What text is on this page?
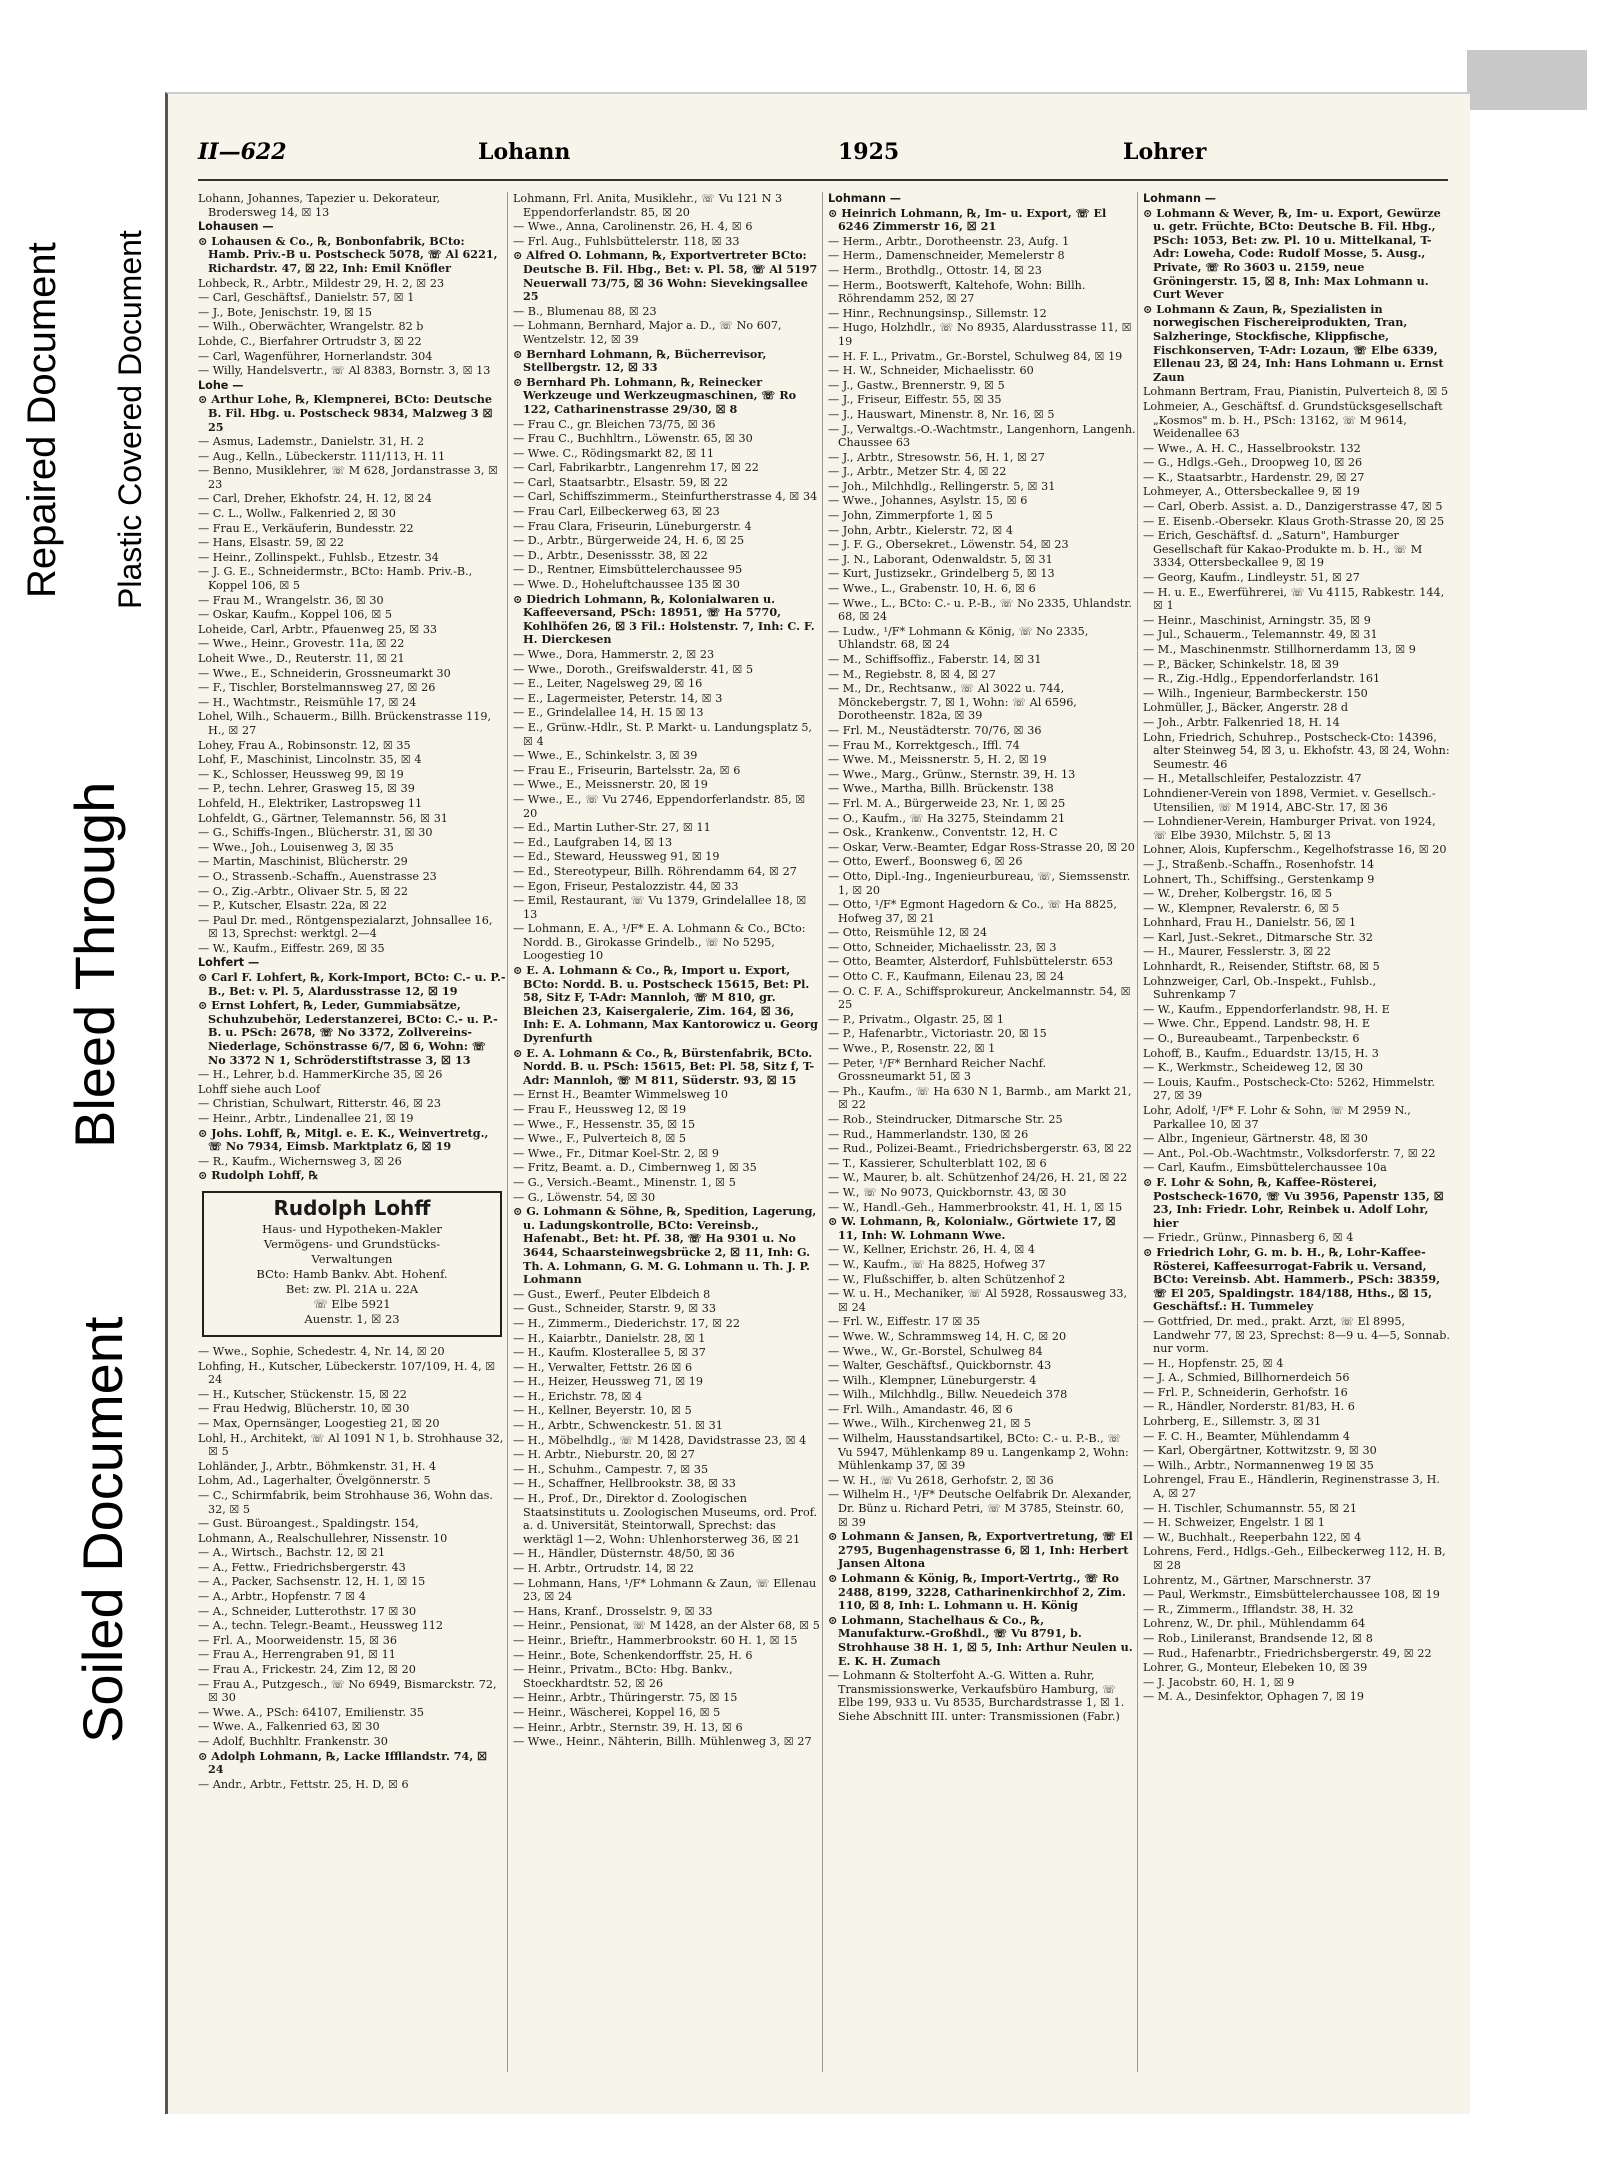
Repaired Document Plastic Covered Document
Bleed Through
Soiled Document
II—622	Lohann	1925	Lohrer
Lohann, Johannes, Tapezier u. Dekorateur, Brodersweg 14, ☒ 13
Lohausen —
⊙ Lohausen & Co., ℞, Bonbonfabrik, BCto: Hamb. Priv.-B u. Postscheck 5078, ☏ Al 6221, Richardstr. 47, ☒ 22, Inh: Emil Knöfler
Lohbeck, R., Arbtr., Mildestr 29, H. 2, ☒ 23
— Carl, Geschäftsf., Danielstr. 57, ☒ 1
— J., Bote, Jenischstr. 19, ☒ 15
— Wilh., Oberwächter, Wrangelstr. 82 b
Lohde, C., Bierfahrer Ortrudstr 3, ☒ 22
— Carl, Wagenführer, Hornerlandstr. 304
— Willy, Handelsvertr., ☏ Al 8383, Bornstr. 3, ☒ 13
Lohe —
⊙ Arthur Lohe, ℞, Klempnerei, BCto: Deutsche B. Fil. Hbg. u. Postscheck 9834, Malzweg 3 ☒ 25
— Asmus, Lademstr., Danielstr. 31, H. 2
— Aug., Kelln., Lübeckerstr. 111/113, H. 11
— Benno, Musiklehrer, ☏ M 628, Jordanstrasse 3, ☒ 23
— Carl, Dreher, Ekhofstr. 24, H. 12, ☒ 24
— C. L., Wollw., Falkenried 2, ☒ 30
— Frau E., Verkäuferin, Bundesstr. 22
— Hans, Elsastr. 59, ☒ 22
— Heinr., Zollinspekt., Fuhlsb., Etzestr. 34
— J. G. E., Schneidermstr., BCto: Hamb. Priv.-B., Koppel 106, ☒ 5
— Frau M., Wrangelstr. 36, ☒ 30
— Oskar, Kaufm., Koppel 106, ☒ 5
Loheide, Carl, Arbtr., Pfauenweg 25, ☒ 33
— Wwe., Heinr., Grovestr. 11a, ☒ 22
Loheit Wwe., D., Reuterstr. 11, ☒ 21
— Wwe., E., Schneiderin, Grossneumarkt 30
— F., Tischler, Borstelmannsweg 27, ☒ 26
— H., Wachtmstr., Reismühle 17, ☒ 24
Lohel, Wilh., Schauerm., Billh. Brückenstrasse 119, H., ☒ 27
Lohey, Frau A., Robinsonstr. 12, ☒ 35
Lohf, F., Maschinist, Lincolnstr. 35, ☒ 4
— K., Schlosser, Heussweg 99, ☒ 19
— P., techn. Lehrer, Grasweg 15, ☒ 39
Lohfeld, H., Elektriker, Lastropsweg 11
Lohfeldt, G., Gärtner, Telemannstr. 56, ☒ 31
— G., Schiffs-Ingen., Blücherstr. 31, ☒ 30
— Wwe., Joh., Louisenweg 3, ☒ 35
— Martin, Maschinist, Blücherstr. 29
— O., Strassenb.-Schaffn., Auenstrasse 23
— O., Zig.-Arbtr., Olivaer Str. 5, ☒ 22
— P., Kutscher, Elsastr. 22a, ☒ 22
— Paul Dr. med., Röntgenspezialarzt, Johnsallee 16, ☒ 13, Sprechst: werktgl. 2—4
— W., Kaufm., Eiffestr. 269, ☒ 35
Lohfert —
⊙ Carl F. Lohfert, ℞, Kork-Import, BCto: C.- u. P.-B., Bet: v. Pl. 5, Alardusstrasse 12, ☒ 19
⊙ Ernst Lohfert, ℞, Leder, Gummiabsätze, Schuhzubehör, Lederstanzerei, BCto: C.- u. P.-B. u. PSch: 2678, ☏ No 3372, Zollvereins-Niederlage, Schönstrasse 6/7, ☒ 6, Wohn: ☏ No 3372 N 1, Schröderstiftstrasse 3, ☒ 13
— H., Lehrer, b.d. HammerKirche 35, ☒ 26
Lohff siehe auch Loof
— Christian, Schulwart, Ritterstr. 46, ☒ 23
— Heinr., Arbtr., Lindenallee 21, ☒ 19
⊙ Johs. Lohff, ℞, Mitgl. e. E. K., Weinvertretg., ☏ No 7934, Eimsb. Marktplatz 6, ☒ 19
— R., Kaufm., Wichernsweg 3, ☒ 26
⊙ Rudolph Lohff, ℞
Rudolph Lohff
Haus- und Hypotheken-Makler
Vermögens- und Grundstücks-
Verwaltungen
BCto: Hamb Bankv. Abt. Hohenf.
Bet: zw. Pl. 21A u. 22A
☏ Elbe 5921
Auenstr. 1, ☒ 23
— Wwe., Sophie, Schedestr. 4, Nr. 14, ☒ 20
Lohfing, H., Kutscher, Lübeckerstr. 107/109, H. 4, ☒ 24
— H., Kutscher, Stückenstr. 15, ☒ 22
— Frau Hedwig, Blücherstr. 10, ☒ 30
— Max, Opernsänger, Loogestieg 21, ☒ 20
Lohl, H., Architekt, ☏ Al 1091 N 1, b. Strohhause 32, ☒ 5
Lohländer, J., Arbtr., Böhmkenstr. 31, H. 4
Lohm, Ad., Lagerhalter, Övelgönnerstr. 5
— C., Schirmfabrik, beim Strohhause 36, Wohn das. 32, ☒ 5
— Gust. Büroangest., Spaldingstr. 154,
Lohmann, A., Realschullehrer, Nissenstr. 10
— A., Wirtsch., Bachstr. 12, ☒ 21
— A., Fettw., Friedrichsbergerstr. 43
— A., Packer, Sachsenstr. 12, H. 1, ☒ 15
— A., Arbtr., Hopfenstr. 7 ☒ 4
— A., Schneider, Lutterothstr. 17 ☒ 30
— A., techn. Telegr.-Beamt., Heussweg 112
— Frl. A., Moorweidenstr. 15, ☒ 36
— Frau A., Herrengraben 91, ☒ 11
— Frau A., Frickestr. 24, Zim 12, ☒ 20
— Frau A., Putzgesch., ☏ No 6949, Bismarckstr. 72, ☒ 30
— Wwe. A., PSch: 64107, Emilienstr. 35
— Wwe. A., Falkenried 63, ☒ 30
— Adolf, Buchhltr. Frankenstr. 30
⊙ Adolph Lohmann, ℞, Lacke Iffllandstr. 74, ☒ 24
— Andr., Arbtr., Fettstr. 25, H. D, ☒ 6
Lohmann, Frl. Anita, Musiklehr., ☏ Vu 121 N 3 Eppendorferlandstr. 85, ☒ 20
— Wwe., Anna, Carolinenstr. 26, H. 4, ☒ 6
— Frl. Aug., Fuhlsbüttelerstr. 118, ☒ 33
⊙ Alfred O. Lohmann, ℞, Exportvertreter BCto: Deutsche B. Fil. Hbg., Bet: v. Pl. 58, ☏ Al 5197 Neuerwall 73/75, ☒ 36 Wohn: Sievekingsallee 25
— B., Blumenau 88, ☒ 23
— Lohmann, Bernhard, Major a. D., ☏ No 607, Wentzelstr. 12, ☒ 39
⊙ Bernhard Lohmann, ℞, Bücherrevisor, Stellbergstr. 12, ☒ 33
⊙ Bernhard Ph. Lohmann, ℞, Reinecker Werkzeuge und Werkzeugmaschinen, ☏ Ro 122, Catharinenstrasse 29/30, ☒ 8
— Frau C., gr. Bleichen 73/75, ☒ 36
— Frau C., Buchhltrn., Löwenstr. 65, ☒ 30
— Wwe. C., Rödingsmarkt 82, ☒ 11
— Carl, Fabrikarbtr., Langenrehm 17, ☒ 22
— Carl, Staatsarbtr., Elsastr. 59, ☒ 22
— Carl, Schiffszimmerm., Steinfurtherstrasse 4, ☒ 34
— Frau Carl, Eilbeckerweg 63, ☒ 23
— Frau Clara, Friseurin, Lüneburgerstr. 4
— D., Arbtr., Bürgerweide 24, H. 6, ☒ 25
— D., Arbtr., Desenissstr. 38, ☒ 22
— D., Rentner, Eimsbüttelerchaussee 95
— Wwe. D., Hoheluftchaussee 135 ☒ 30
⊙ Diedrich Lohmann, ℞, Kolonialwaren u. Kaffeeversand, PSch: 18951, ☏ Ha 5770, Kohlhöfen 26, ☒ 3 Fil.: Holstenstr. 7, Inh: C. F. H. Dierckesen
— Wwe., Dora, Hammerstr. 2, ☒ 23
— Wwe., Doroth., Greifswalderstr. 41, ☒ 5
— E., Leiter, Nagelsweg 29, ☒ 16
— E., Lagermeister, Peterstr. 14, ☒ 3
— E., Grindelallee 14, H. 15 ☒ 13
— E., Grünw.-Hdlr., St. P. Markt- u. Landungsplatz 5, ☒ 4
— Wwe., E., Schinkelstr. 3, ☒ 39
— Frau E., Friseurin, Bartelsstr. 2a, ☒ 6
— Wwe., E., Meissnerstr. 20, ☒ 19
— Wwe., E., ☏ Vu 2746, Eppendorferlandstr. 85, ☒ 20
— Ed., Martin Luther-Str. 27, ☒ 11
— Ed., Laufgraben 14, ☒ 13
— Ed., Steward, Heussweg 91, ☒ 19
— Ed., Stereotypeur, Billh. Röhrendamm 64, ☒ 27
— Egon, Friseur, Pestalozzistr. 44, ☒ 33
— Emil, Restaurant, ☏ Vu 1379, Grindelallee 18, ☒ 13
— Lohmann, E. A., ¹/F* E. A. Lohmann & Co., BCto: Nordd. B., Girokasse Grindelb., ☏ No 5295, Loogestieg 10
⊙ E. A. Lohmann & Co., ℞, Import u. Export, BCto: Nordd. B. u. Postscheck 15615, Bet: Pl. 58, Sitz F, T-Adr: Mannloh, ☏ M 810, gr. Bleichen 23, Kaisergalerie, Zim. 164, ☒ 36, Inh: E. A. Lohmann, Max Kantorowicz u. Georg Dyrenfurth
⊙ E. A. Lohmann & Co., ℞, Bürstenfabrik, BCto. Nordd. B. u. PSch: 15615, Bet: Pl. 58, Sitz f, T-Adr: Mannloh, ☏ M 811, Süderstr. 93, ☒ 15
— Ernst H., Beamter Wimmelsweg 10
— Frau F., Heussweg 12, ☒ 19
— Wwe., F., Hessenstr. 35, ☒ 15
— Wwe., F., Pulverteich 8, ☒ 5
— Wwe., Fr., Ditmar Koel-Str. 2, ☒ 9
— Fritz, Beamt. a. D., Cimbernweg 1, ☒ 35
— G., Versich.-Beamt., Minenstr. 1, ☒ 5
— G., Löwenstr. 54, ☒ 30
⊙ G. Lohmann & Söhne, ℞, Spedition, Lagerung, u. Ladungskontrolle, BCto: Vereinsb., Hafenabt., Bet: ht. Pf. 38, ☏ Ha 9301 u. No 3644, Schaarsteinwegsbrücke 2, ☒ 11, Inh: G. Th. A. Lohmann, G. M. G. Lohmann u. Th. J. P. Lohmann
— Gust., Ewerf., Peuter Elbdeich 8
— Gust., Schneider, Starstr. 9, ☒ 33
— H., Zimmerm., Diederichstr. 17, ☒ 22
— H., Kaiarbtr., Danielstr. 28, ☒ 1
— H., Kaufm. Klosterallee 5, ☒ 37
— H., Verwalter, Fettstr. 26 ☒ 6
— H., Heizer, Heussweg 71, ☒ 19
— H., Erichstr. 78, ☒ 4
— H., Kellner, Beyerstr. 10, ☒ 5
— H., Arbtr., Schwenckestr. 51. ☒ 31
— H., Möbelhdlg., ☏ M 1428, Davidstrasse 23, ☒ 4
— H. Arbtr., Nieburstr. 20, ☒ 27
— H., Schuhm., Campestr. 7, ☒ 35
— H., Schaffner, Hellbrookstr. 38, ☒ 33
— H., Prof., Dr., Direktor d. Zoologischen Staatsinstituts u. Zoologischen Museums, ord. Prof. a. d. Universität, Steintorwall, Sprechst: das werktägl 1—2, Wohn: Uhlenhorsterweg 36, ☒ 21
— H., Händler, Düsternstr. 48/50, ☒ 36
— H. Arbtr., Ortrudstr. 14, ☒ 22
— Lohmann, Hans, ¹/F* Lohmann & Zaun, ☏ Ellenau 23, ☒ 24
— Hans, Kranf., Drosselstr. 9, ☒ 33
— Heinr., Pensionat, ☏ M 1428, an der Alster 68, ☒ 5
— Heinr., Brieftr., Hammerbrookstr. 60 H. 1, ☒ 15
— Heinr., Bote, Schenkendorffstr. 25, H. 6
— Heinr., Privatm., BCto: Hbg. Bankv., Stoeckhardtstr. 52, ☒ 26
— Heinr., Arbtr., Thüringerstr. 75, ☒ 15
— Heinr., Wäscherei, Koppel 16, ☒ 5
— Heinr., Arbtr., Sternstr. 39, H. 13, ☒ 6
— Wwe., Heinr., Nähterin, Billh. Mühlenweg 3, ☒ 27
Lohmann —
⊙ Heinrich Lohmann, ℞, Im- u. Export, ☏ El 6246 Zimmerstr 16, ☒ 21
— Herm., Arbtr., Dorotheenstr. 23, Aufg. 1
— Herm., Damenschneider, Memelerstr 8
— Herm., Brothdlg., Ottostr. 14, ☒ 23
— Herm., Bootswerft, Kaltehofe, Wohn: Billh. Röhrendamm 252, ☒ 27
— Hinr., Rechnungsinsp., Sillemstr. 12
— Hugo, Holzhdlr., ☏ No 8935, Alardusstrasse 11, ☒ 19
— H. F. L., Privatm., Gr.-Borstel, Schulweg 84, ☒ 19
— H. W., Schneider, Michaelisstr. 60
— J., Gastw., Brennerstr. 9, ☒ 5
— J., Friseur, Eiffestr. 55, ☒ 35
— J., Hauswart, Minenstr. 8, Nr. 16, ☒ 5
— J., Verwaltgs.-O.-Wachtmstr., Langenhorn, Langenh. Chaussee 63
— J., Arbtr., Stresowstr. 56, H. 1, ☒ 27
— J., Arbtr., Metzer Str. 4, ☒ 22
— Joh., Milchhdlg., Rellingerstr. 5, ☒ 31
— Wwe., Johannes, Asylstr. 15, ☒ 6
— John, Zimmerpforte 1, ☒ 5
— John, Arbtr., Kielerstr. 72, ☒ 4
— J. F. G., Obersekret., Löwenstr. 54, ☒ 23
— J. N., Laborant, Odenwaldstr. 5, ☒ 31
— Kurt, Justizsekr., Grindelberg 5, ☒ 13
— Wwe., L., Grabenstr. 10, H. 6, ☒ 6
— Wwe., L., BCto: C.- u. P.-B., ☏ No 2335, Uhlandstr. 68, ☒ 24
— Ludw., ¹/F* Lohmann & König, ☏ No 2335, Uhlandstr. 68, ☒ 24
— M., Schiffsoffiz., Faberstr. 14, ☒ 31
— M., Regiebstr. 8, ☒ 4, ☒ 27
— M., Dr., Rechtsanw., ☏ Al 3022 u. 744, Mönckebergstr. 7, ☒ 1, Wohn: ☏ Al 6596, Dorotheenstr. 182a, ☒ 39
— Frl. M., Neustädterstr. 70/76, ☒ 36
— Frau M., Korrektgesch., Iffl. 74
— Wwe. M., Meissnerstr. 5, H. 2, ☒ 19
— Wwe., Marg., Grünw., Sternstr. 39, H. 13
— Wwe., Martha, Billh. Brückenstr. 138
— Frl. M. A., Bürgerweide 23, Nr. 1, ☒ 25
— O., Kaufm., ☏ Ha 3275, Steindamm 21
— Osk., Krankenw., Conventstr. 12, H. C
— Oskar, Verw.-Beamter, Edgar Ross-Strasse 20, ☒ 20
— Otto, Ewerf., Boonsweg 6, ☒ 26
— Otto, Dipl.-Ing., Ingenieurbureau, ☏, Siemssenstr. 1, ☒ 20
— Otto, ¹/F* Egmont Hagedorn & Co., ☏ Ha 8825, Hofweg 37, ☒ 21
— Otto, Reismühle 12, ☒ 24
— Otto, Schneider, Michaelisstr. 23, ☒ 3
— Otto, Beamter, Alsterdorf, Fuhlsbüttelerstr. 653
— Otto C. F., Kaufmann, Eilenau 23, ☒ 24
— O. C. F. A., Schiffsprokureur, Anckelmannstr. 54, ☒ 25
— P., Privatm., Olgastr. 25, ☒ 1
— P., Hafenarbtr., Victoriastr. 20, ☒ 15
— Wwe., P., Rosenstr. 22, ☒ 1
— Peter, ¹/F* Bernhard Reicher Nachf. Grossneumarkt 51, ☒ 3
— Ph., Kaufm., ☏ Ha 630 N 1, Barmb., am Markt 21, ☒ 22
— Rob., Steindrucker, Ditmarsche Str. 25
— Rud., Hammerlandstr. 130, ☒ 26
— Rud., Polizei-Beamt., Friedrichsbergerstr. 63, ☒ 22
— T., Kassierer, Schulterblatt 102, ☒ 6
— W., Maurer, b. alt. Schützenhof 24/26, H. 21, ☒ 22
— W., ☏ No 9073, Quickbornstr. 43, ☒ 30
— W., Handl.-Geh., Hammerbrookstr. 41, H. 1, ☒ 15
⊙ W. Lohmann, ℞, Kolonialw., Görtwiete 17, ☒ 11, Inh: W. Lohmann Wwe.
— W., Kellner, Erichstr. 26, H. 4, ☒ 4
— W., Kaufm., ☏ Ha 8825, Hofweg 37
— W., Flußschiffer, b. alten Schützenhof 2
— W. u. H., Mechaniker, ☏ Al 5928, Rossausweg 33, ☒ 24
— Frl. W., Eiffestr. 17 ☒ 35
— Wwe. W., Schrammsweg 14, H. C, ☒ 20
— Wwe., W., Gr.-Borstel, Schulweg 84
— Walter, Geschäftsf., Quickbornstr. 43
— Wilh., Klempner, Lüneburgerstr. 4
— Wilh., Milchhdlg., Billw. Neuedeich 378
— Frl. Wilh., Amandastr. 46, ☒ 6
— Wwe., Wilh., Kirchenweg 21, ☒ 5
— Wilhelm, Hausstandsartikel, BCto: C.- u. P.-B., ☏ Vu 5947, Mühlenkamp 89 u. Langenkamp 2, Wohn: Mühlenkamp 37, ☒ 39
— W. H., ☏ Vu 2618, Gerhofstr. 2, ☒ 36
— Wilhelm H., ¹/F* Deutsche Oelfabrik Dr. Alexander, Dr. Bünz u. Richard Petri, ☏ M 3785, Steinstr. 60, ☒ 39
⊙ Lohmann & Jansen, ℞, Exportvertretung, ☏ El 2795, Bugenhagenstrasse 6, ☒ 1, Inh: Herbert Jansen Altona
⊙ Lohmann & König, ℞, Import-Vertrtg., ☏ Ro 2488, 8199, 3228, Catharinenkirchhof 2, Zim. 110, ☒ 8, Inh: L. Lohmann u. H. König
⊙ Lohmann, Stachelhaus & Co., ℞, Manufakturw.-Großhdl., ☏ Vu 8791, b. Strohhause 38 H. 1, ☒ 5, Inh: Arthur Neulen u. E. K. H. Zumach
— Lohmann & Stolterfoht A.-G. Witten a. Ruhr, Transmissionswerke, Verkaufsbüro Hamburg, ☏ Elbe 199, 933 u. Vu 8535, Burchardstrasse 1, ☒ 1. Siehe Abschnitt III. unter: Transmissionen (Fabr.)
Lohmann —
⊙ Lohmann & Wever, ℞, Im- u. Export, Gewürze u. getr. Früchte, BCto: Deutsche B. Fil. Hbg., PSch: 1053, Bet: zw. Pl. 10 u. Mittelkanal, T-Adr: Loweha, Code: Rudolf Mosse, 5. Ausg., Private, ☏ Ro 3603 u. 2159, neue Gröningerstr. 15, ☒ 8, Inh: Max Lohmann u. Curt Wever
⊙ Lohmann & Zaun, ℞, Spezialisten in norwegischen Fischereiprodukten, Tran, Salzheringe, Stockfische, Klippfische, Fischkonserven, T-Adr: Lozaun, ☏ Elbe 6339, Ellenau 23, ☒ 24, Inh: Hans Lohmann u. Ernst Zaun
Lohmann Bertram, Frau, Pianistin, Pulverteich 8, ☒ 5
Lohmeier, A., Geschäftsf. d. Grundstücksgesellschaft „Kosmos" m. b. H., PSch: 13162, ☏ M 9614, Weidenallee 63
— Wwe., A. H. C., Hasselbrookstr. 132
— G., Hdlgs.-Geh., Droopweg 10, ☒ 26
— K., Staatsarbtr., Hardenstr. 29, ☒ 27
Lohmeyer, A., Ottersbeckallee 9, ☒ 19
— Carl, Oberb. Assist. a. D., Danzigerstrasse 47, ☒ 5
— E. Eisenb.-Obersekr. Klaus Groth-Strasse 20, ☒ 25
— Erich, Geschäftsf. d. „Saturn", Hamburger Gesellschaft für Kakao-Produkte m. b. H., ☏ M 3334, Ottersbeckallee 9, ☒ 19
— Georg, Kaufm., Lindleystr. 51, ☒ 27
— H. u. E., Ewerführerei, ☏ Vu 4115, Rabkestr. 144, ☒ 1
— Heinr., Maschinist, Arningstr. 35, ☒ 9
— Jul., Schauerm., Telemannstr. 49, ☒ 31
— M., Maschinenmstr. Stillhornerdamm 13, ☒ 9
— P., Bäcker, Schinkelstr. 18, ☒ 39
— R., Zig.-Hdlg., Eppendorferlandstr. 161
— Wilh., Ingenieur, Barmbeckerstr. 150
Lohmüller, J., Bäcker, Angerstr. 28 d
— Joh., Arbtr. Falkenried 18, H. 14
Lohn, Friedrich, Schuhrep., Postscheck-Cto: 14396, alter Steinweg 54, ☒ 3, u. Ekhofstr. 43, ☒ 24, Wohn: Seumestr. 46
— H., Metallschleifer, Pestalozzistr. 47
Lohndiener-Verein von 1898, Vermiet. v. Gesellsch.-Utensilien, ☏ M 1914, ABC-Str. 17, ☒ 36
— Lohndiener-Verein, Hamburger Privat. von 1924, ☏ Elbe 3930, Milchstr. 5, ☒ 13
Lohner, Alois, Kupferschm., Kegelhofstrasse 16, ☒ 20
— J., Straßenb.-Schaffn., Rosenhofstr. 14
Lohnert, Th., Schiffsing., Gerstenkamp 9
— W., Dreher, Kolbergstr. 16, ☒ 5
— W., Klempner, Revalerstr. 6, ☒ 5
Lohnhard, Frau H., Danielstr. 56, ☒ 1
— Karl, Just.-Sekret., Ditmarsche Str. 32
— H., Maurer, Fesslerstr. 3, ☒ 22
Lohnhardt, R., Reisender, Stiftstr. 68, ☒ 5
Lohnzweiger, Carl, Ob.-Inspekt., Fuhlsb., Suhrenkamp 7
— W., Kaufm., Eppendorferlandstr. 98, H. E
— Wwe. Chr., Eppend. Landstr. 98, H. E
— O., Bureaubeamt., Tarpenbeckstr. 6
Lohoff, B., Kaufm., Eduardstr. 13/15, H. 3
— K., Werkmstr., Scheideweg 12, ☒ 30
— Louis, Kaufm., Postscheck-Cto: 5262, Himmelstr. 27, ☒ 39
Lohr, Adolf, ¹/F* F. Lohr & Sohn, ☏ M 2959 N., Parkallee 10, ☒ 37
— Albr., Ingenieur, Gärtnerstr. 48, ☒ 30
— Ant., Pol.-Ob.-Wachtmstr., Volksdorferstr. 7, ☒ 22
— Carl, Kaufm., Eimsbüttelerchaussee 10a
⊙ F. Lohr & Sohn, ℞, Kaffee-Rösterei, Postscheck-1670, ☏ Vu 3956, Papenstr 135, ☒ 23, Inh: Friedr. Lohr, Reinbek u. Adolf Lohr, hier
— Friedr., Grünw., Pinnasberg 6, ☒ 4
⊙ Friedrich Lohr, G. m. b. H., ℞, Lohr-Kaffee-Rösterei, Kaffeesurrogat-Fabrik u. Versand, BCto: Vereinsb. Abt. Hammerb., PSch: 38359, ☏ El 205, Spaldingstr. 184/188, Hths., ☒ 15, Geschäftsf.: H. Tummeley
— Gottfried, Dr. med., prakt. Arzt, ☏ El 8995, Landwehr 77, ☒ 23, Sprechst: 8—9 u. 4—5, Sonnab. nur vorm.
— H., Hopfenstr. 25, ☒ 4
— J. A., Schmied, Billhornerdeich 56
— Frl. P., Schneiderin, Gerhofstr. 16
— R., Händler, Norderstr. 81/83, H. 6
Lohrberg, E., Sillemstr. 3, ☒ 31
— F. C. H., Beamter, Mühlendamm 4
— Karl, Obergärtner, Kottwitzstr. 9, ☒ 30
— Wilh., Arbtr., Normannenweg 19 ☒ 35
Lohrengel, Frau E., Händlerin, Reginenstrasse 3, H. A, ☒ 27
— H. Tischler, Schumannstr. 55, ☒ 21
— H. Schweizer, Engelstr. 1 ☒ 1
— W., Buchhalt., Reeperbahn 122, ☒ 4
Lohrens, Ferd., Hdlgs.-Geh., Eilbeckerweg 112, H. B, ☒ 28
Lohrentz, M., Gärtner, Marschnerstr. 37
— Paul, Werkmstr., Eimsbüttelerchaussee 108, ☒ 19
— R., Zimmerm., Ifflandstr. 38, H. 32
Lohrenz, W., Dr. phil., Mühlendamm 64
— Rob., Linileranst, Brandsende 12, ☒ 8
— Rud., Hafenarbtr., Friedrichsbergerstr. 49, ☒ 22
Lohrer, G., Monteur, Elebeken 10, ☒ 39
— J. Jacobstr. 60, H. 1, ☒ 9
— M. A., Desinfektor, Ophagen 7, ☒ 19
